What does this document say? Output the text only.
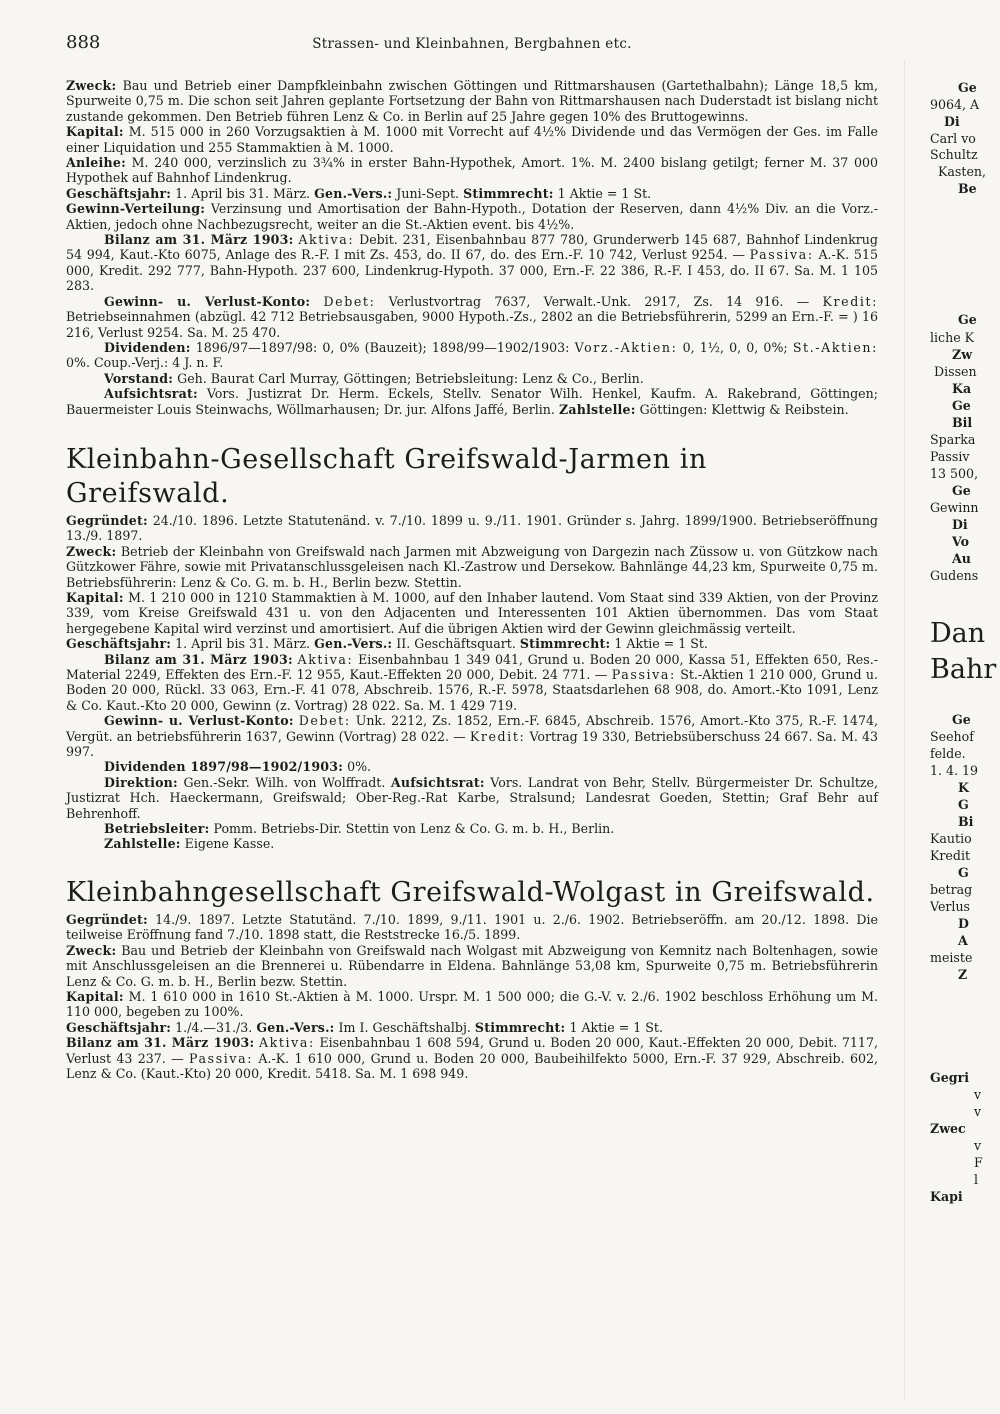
888	Strassen- und Kleinbahnen, Bergbahnen etc.

Zweck: Bau und Betrieb einer Dampfkleinbahn zwischen Göttingen und Rittmarshausen (Gartethalbahn); Länge 18,5 km, Spurweite 0,75 m. Die schon seit Jahren geplante Fortsetzung der Bahn von Rittmarshausen nach Duderstadt ist bislang nicht zustande gekommen. Den Betrieb führen Lenz & Co. in Berlin auf 25 Jahre gegen 10% des Bruttogewinns.

Kapital: M. 515 000 in 260 Vorzugsaktien à M. 1000 mit Vorrecht auf 4½% Dividende und das Vermögen der Ges. im Falle einer Liquidation und 255 Stammaktien à M. 1000.

Anleihe: M. 240 000, verzinslich zu 3¾% in erster Bahn-Hypothek, Amort. 1%. M. 2400 bislang getilgt; ferner M. 37 000 Hypothek auf Bahnhof Lindenkrug.

Geschäftsjahr: 1. April bis 31. März. Gen.-Vers.: Juni-Sept. Stimmrecht: 1 Aktie = 1 St.

Gewinn-Verteilung: Verzinsung und Amortisation der Bahn-Hypoth., Dotation der Reserven, dann 4½% Div. an die Vorz.-Aktien, jedoch ohne Nachbezugsrecht, weiter an die St.-Aktien event. bis 4½%.

Bilanz am 31. März 1903: Aktiva: Debit. 231, Eisenbahnbau 877 780, Grunderwerb 145 687, Bahnhof Lindenkrug 54 994, Kaut.-Kto 6075, Anlage des R.-F. I mit Zs. 453, do. II 67, do. des Ern.-F. 10 742, Verlust 9254. — Passiva: A.-K. 515 000, Kredit. 292 777, Bahn-Hypoth. 237 600, Lindenkrug-Hypoth. 37 000, Ern.-F. 22 386, R.-F. I 453, do. II 67. Sa. M. 1 105 283.

Gewinn- u. Verlust-Konto: Debet: Verlustvortrag 7637, Verwalt.-Unk. 2917, Zs. 14 916. — Kredit: Betriebseinnahmen (abzügl. 42 712 Betriebsausgaben, 9000 Hypoth.-Zs., 2802 an die Betriebsführerin, 5299 an Ern.-F. = ) 16 216, Verlust 9254. Sa. M. 25 470.

Dividenden: 1896/97—1897/98: 0, 0% (Bauzeit); 1898/99—1902/1903: Vorz.-Aktien: 0, 1½, 0, 0, 0%; St.-Aktien: 0%. Coup.-Verj.: 4 J. n. F.

Vorstand: Geh. Baurat Carl Murray, Göttingen; Betriebsleitung: Lenz & Co., Berlin.

Aufsichtsrat: Vors. Justizrat Dr. Herm. Eckels, Stellv. Senator Wilh. Henkel, Kaufm. A. Rakebrand, Göttingen; Bauermeister Louis Steinwachs, Wöllmarhausen; Dr. jur. Alfons Jaffé, Berlin. Zahlstelle: Göttingen: Klettwig & Reibstein.

Kleinbahn-Gesellschaft Greifswald-Jarmen in Greifswald.

Gegründet: 24./10. 1896. Letzte Statutenänd. v. 7./10. 1899 u. 9./11. 1901. Gründer s. Jahrg. 1899/1900. Betriebseröffnung 13./9. 1897.

Zweck: Betrieb der Kleinbahn von Greifswald nach Jarmen mit Abzweigung von Dargezin nach Züssow u. von Gützkow nach Gützkower Fähre, sowie mit Privatanschlussgeleisen nach Kl.-Zastrow und Dersekow. Bahnlänge 44,23 km, Spurweite 0,75 m. Betriebsführerin: Lenz & Co. G. m. b. H., Berlin bezw. Stettin.

Kapital: M. 1 210 000 in 1210 Stammaktien à M. 1000, auf den Inhaber lautend. Vom Staat sind 339 Aktien, von der Provinz 339, vom Kreise Greifswald 431 u. von den Adjacenten und Interessenten 101 Aktien übernommen. Das vom Staat hergegebene Kapital wird verzinst und amortisiert. Auf die übrigen Aktien wird der Gewinn gleichmässig verteilt.

Geschäftsjahr: 1. April bis 31. März. Gen.-Vers.: II. Geschäftsquart. Stimmrecht: 1 Aktie = 1 St.

Bilanz am 31. März 1903: Aktiva: Eisenbahnbau 1 349 041, Grund u. Boden 20 000, Kassa 51, Effekten 650, Res.-Material 2249, Effekten des Ern.-F. 12 955, Kaut.-Effekten 20 000, Debit. 24 771. — Passiva: St.-Aktien 1 210 000, Grund u. Boden 20 000, Rückl. 33 063, Ern.-F. 41 078, Abschreib. 1576, R.-F. 5978, Staatsdarlehen 68 908, do. Amort.-Kto 1091, Lenz & Co. Kaut.-Kto 20 000, Gewinn (z. Vortrag) 28 022. Sa. M. 1 429 719.

Gewinn- u. Verlust-Konto: Debet: Unk. 2212, Zs. 1852, Ern.-F. 6845, Abschreib. 1576, Amort.-Kto 375, R.-F. 1474, Vergüt. an betriebsführerin 1637, Gewinn (Vortrag) 28 022. — Kredit: Vortrag 19 330, Betriebsüberschuss 24 667. Sa. M. 43 997.

Dividenden 1897/98—1902/1903: 0%.

Direktion: Gen.-Sekr. Wilh. von Wolffradt. Aufsichtsrat: Vors. Landrat von Behr, Stellv. Bürgermeister Dr. Schultze, Justizrat Hch. Haeckermann, Greifswald; Ober-Reg.-Rat Karbe, Stralsund; Landesrat Goeden, Stettin; Graf Behr auf Behrenhoff.

Betriebsleiter: Pomm. Betriebs-Dir. Stettin von Lenz & Co. G. m. b. H., Berlin.

Zahlstelle: Eigene Kasse.

Kleinbahngesellschaft Greifswald-Wolgast in Greifswald.

Gegründet: 14./9. 1897. Letzte Statutänd. 7./10. 1899, 9./11. 1901 u. 2./6. 1902. Betriebseröffn. am 20./12. 1898. Die teilweise Eröffnung fand 7./10. 1898 statt, die Reststrecke 16./5. 1899.

Zweck: Bau und Betrieb der Kleinbahn von Greifswald nach Wolgast mit Abzweigung von Kemnitz nach Boltenhagen, sowie mit Anschlussgeleisen an die Brennerei u. Rübendarre in Eldena. Bahnlänge 53,08 km, Spurweite 0,75 m. Betriebsführerin Lenz & Co. G. m. b. H., Berlin bezw. Stettin.

Kapital: M. 1 610 000 in 1610 St.-Aktien à M. 1000. Urspr. M. 1 500 000; die G.-V. v. 2./6. 1902 beschloss Erhöhung um M. 110 000, begeben zu 100%.

Geschäftsjahr: 1./4.—31./3. Gen.-Vers.: Im I. Geschäftshalbj. Stimmrecht: 1 Aktie = 1 St.

Bilanz am 31. März 1903: Aktiva: Eisenbahnbau 1 608 594, Grund u. Boden 20 000, Kaut.-Effekten 20 000, Debit. 7117, Verlust 43 237. — Passiva: A.-K. 1 610 000, Grund u. Boden 20 000, Baubeihilfekto 5000, Ern.-F. 37 929, Abschreib. 602, Lenz & Co. (Kaut.-Kto) 20 000, Kredit. 5418. Sa. M. 1 698 949.

Ge
9064, A
Di
Carl vo
Schultz
Kasten,
Be
Ge
liche K
Zw
Dissen
Ka
Ge
Bil
Sparka
Passiv
13 500,
Ge
Gewinn
Di
Vo
Au
Gudens
Dan
Bahr
Ge
Seehof
felde.
1. 4. 19
K
G
Bi
Kautio
Kredit
G
betrag
Verlus
D
A
meiste
Z
Gegri
v
v
Zwec
v
F
l
Kapi
